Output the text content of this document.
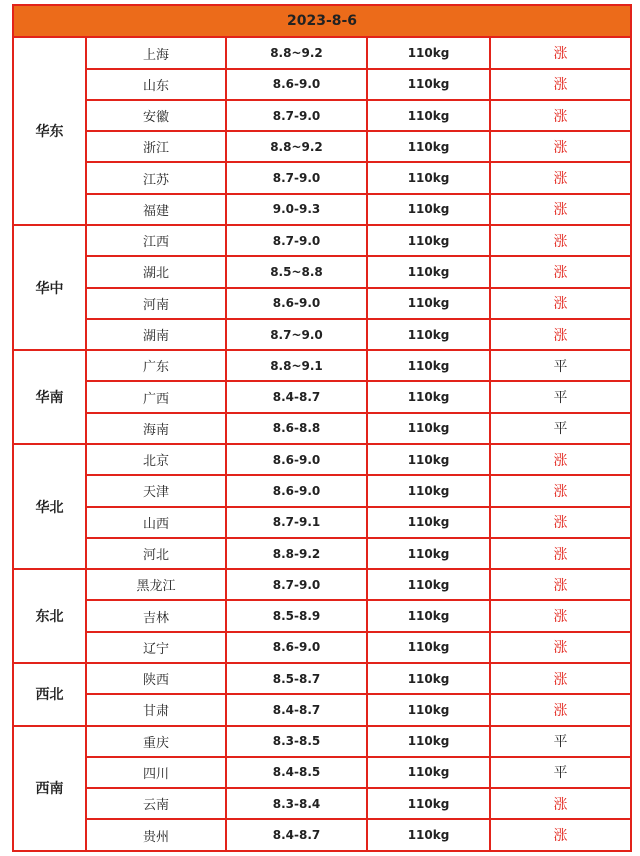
2023-8-6				
华东	上海	8.8~9.2	110kg	涨
	山东	8.6-9.0	110kg	涨
	安徽	8.7-9.0	110kg	涨
	浙江	8.8~9.2	110kg	涨
	江苏	8.7-9.0	110kg	涨
	福建	9.0-9.3	110kg	涨
华中	江西	8.7-9.0	110kg	涨
	湖北	8.5~8.8	110kg	涨
	河南	8.6-9.0	110kg	涨
	湖南	8.7~9.0	110kg	涨
华南	广东	8.8~9.1	110kg	平
	广西	8.4-8.7	110kg	平
	海南	8.6-8.8	110kg	平
华北	北京	8.6-9.0	110kg	涨
	天津	8.6-9.0	110kg	涨
	山西	8.7-9.1	110kg	涨
	河北	8.8-9.2	110kg	涨
东北	黑龙江	8.7-9.0	110kg	涨
	吉林	8.5-8.9	110kg	涨
	辽宁	8.6-9.0	110kg	涨
西北	陕西	8.5-8.7	110kg	涨
	甘肃	8.4-8.7	110kg	涨
西南	重庆	8.3-8.5	110kg	平
	四川	8.4-8.5	110kg	平
	云南	8.3-8.4	110kg	涨
	贵州	8.4-8.7	110kg	涨
